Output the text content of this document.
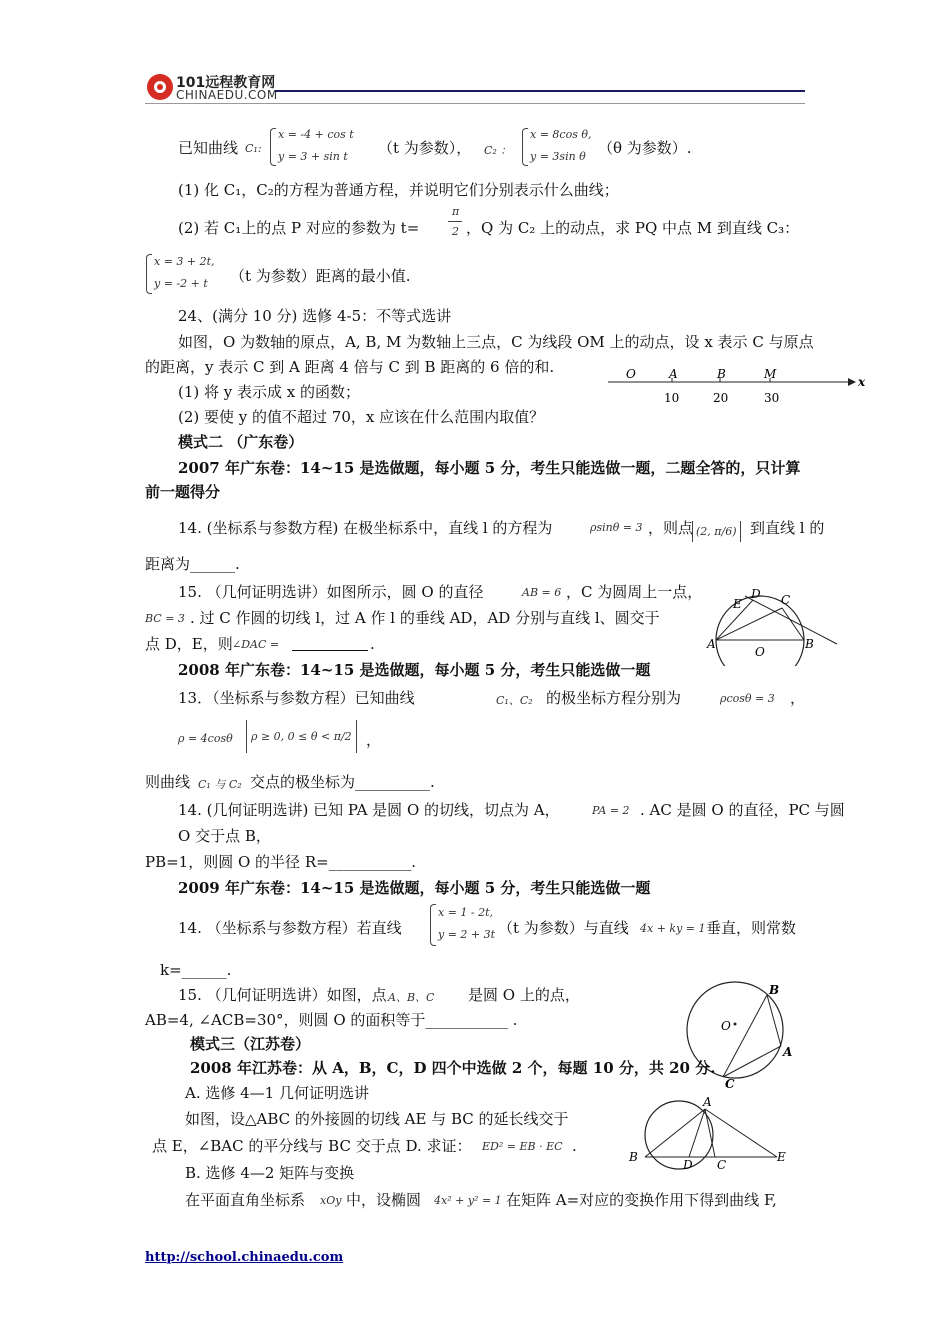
101远程教育网
CHINAEDU.COM
已知曲线 C₁:
x = -4 + cos t
y = 3 + sin t （t 为参数）， C₂ ：
x = 8cos θ,
y = 3sin θ （θ 为参数）.
(1) 化 C₁，C₂的方程为普通方程，并说明它们分别表示什么曲线；
(2) 若 C₁上的点 P 对应的参数为 t=
π
2 ，Q 为 C₂ 上的动点，求 PQ 中点 M 到直线 C₃：
x = 3 + 2t,
y = -2 + t （t 为参数）距离的最小值.
24、(满分 10 分) 选修 4-5：不等式选讲
如图，O 为数轴的原点，A, B, M 为数轴上三点，C 为线段 OM 上的动点，设 x 表示 C 与原点
的距离，y 表示 C 到 A 距离 4 倍与 C 到 B 距离的 6 倍的和.
(1) 将 y 表示成 x 的函数；
(2) 要使 y 的值不超过 70，x 应该在什么范围内取值？
O	A	B	M
x
10	20	30
模式二 （广东卷）
2007 年广东卷：14~15 是选做题，每小题 5 分，考生只能选做一题，二题全答的，只计算
前一题得分
14. (坐标系与参数方程) 在极坐标系中，直线 l 的方程为	ρsinθ = 3 ，则点 (2, π/6) 到直线 l 的
距离为______.
15. （几何证明选讲）如图所示，圆 O 的直径	AB = 6 ，C 为圆周上一点，
BC = 3 . 过 C 作圆的切线 l，过 A 作 l 的垂线 AD，AD 分别与直线 l、圆交于
点 D，E，则 ∠DAC =	.
D
E	C
A
O
B
2008 年广东卷：14~15 是选做题，每小题 5 分，考生只能选做一题
13．（坐标系与参数方程）已知曲线	C₁、C₂ 的极坐标方程分别为	ρcosθ = 3 ，
ρ = 4cosθ	ρ ≥ 0, 0 ≤ θ < π/2 ，
则曲线 C₁ 与 C₂ 交点的极坐标为__________.
14. (几何证明选讲) 已知 PA 是圆 O 的切线，切点为 A，	PA = 2 . AC 是圆 O 的直径，PC 与圆
O 交于点 B，
PB=1，则圆 O 的半径 R=___________.
2009 年广东卷：14~15 是选做题，每小题 5 分，考生只能选做一题
14. （坐标系与参数方程）若直线
x = 1 - 2t,
y = 2 + 3t （t 为参数）与直线 4x + ky = 1 垂直，则常数
k=______.
15. （几何证明选讲）如图，点 A、B、C 是圆 O 上的点，
AB=4, ∠ACB=30°，则圆 O 的面积等于___________ .
B
O
A
C
模式三（江苏卷）
2008 年江苏卷：从 A，B，C，D 四个中选做 2 个，每题 10 分，共 20 分.
A. 选修 4—1 几何证明选讲
如图，设△ABC 的外接圆的切线 AE 与 BC 的延长线交于
点 E，∠BAC 的平分线与 BC 交于点 D. 求证： ED² = EB · EC .
B. 选修 4—2 矩阵与变换
在平面直角坐标系 xOy 中，设椭圆 4x² + y² = 1 在矩阵 A=对应的变换作用下得到曲线 F,
A
B
D C
E
http://school.chinaedu.com
